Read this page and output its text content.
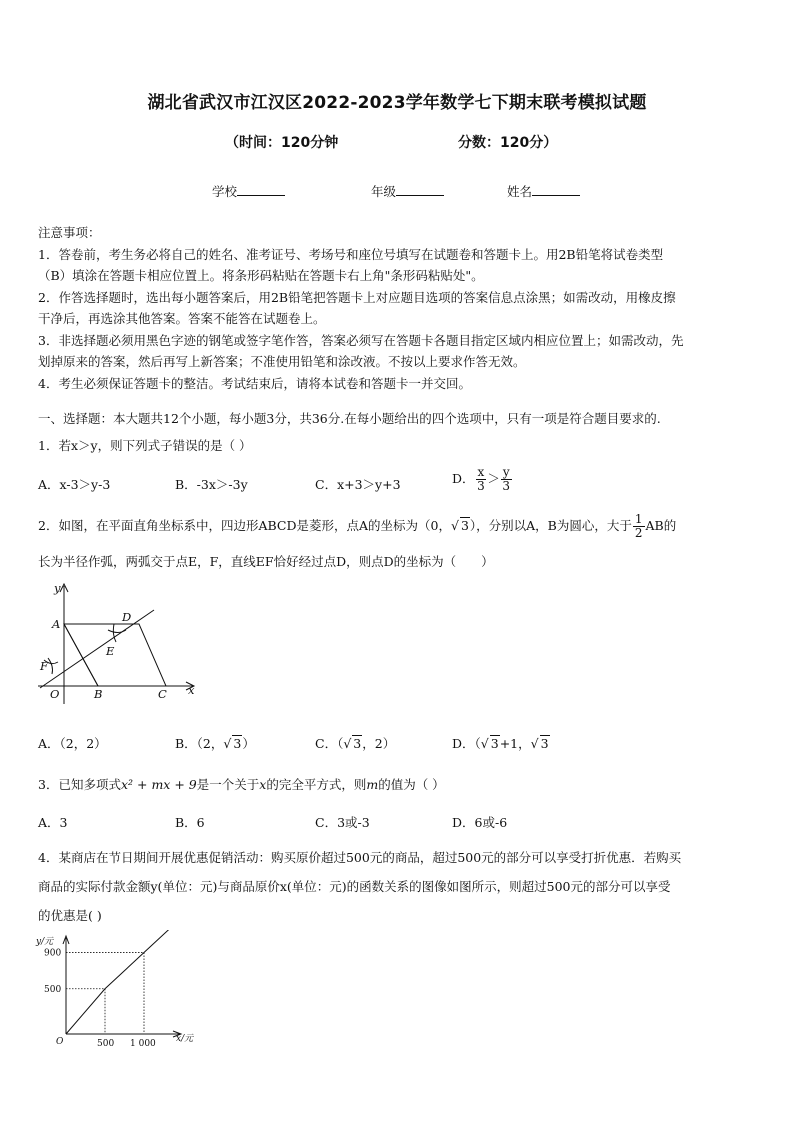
湖北省武汉市江汉区2022-2023学年数学七下期末联考模拟试题
（时间：120分钟	分数：120分）
学校	年级	姓名

注意事项：

1．答卷前，考生务必将自己的姓名、准考证号、考场号和座位号填写在试题卷和答题卡上。用2B铅笔将试卷类型

（B）填涂在答题卡相应位置上。将条形码粘贴在答题卡右上角"条形码粘贴处"。

2．作答选择题时，选出每小题答案后，用2B铅笔把答题卡上对应题目选项的答案信息点涂黑；如需改动，用橡皮擦

干净后，再选涂其他答案。答案不能答在试题卷上。

3．非选择题必须用黑色字迹的钢笔或签字笔作答，答案必须写在答题卡各题目指定区域内相应位置上；如需改动，先

划掉原来的答案，然后再写上新答案；不准使用铅笔和涂改液。不按以上要求作答无效。

4．考生必须保证答题卡的整洁。考试结束后，请将本试卷和答题卡一并交回。

一、选择题：本大题共12个小题，每小题3分，共36分.在每小题给出的四个选项中，只有一项是符合题目要求的.
1．若x＞y，则下列式子错误的是（ ）
A．x-3＞y-3	B．-3x＞-3y	C．x+3＞y+3	D． $\frac{x}{3} > \frac{y}{3}$
2．如图，在平面直角坐标系中，四边形ABCD是菱形，点A的坐标为（0，√ 3），分别以A，B为圆心，大于 $\frac{1}{2}$ AB的
长为半径作弧，两弧交于点E，F，直线EF恰好经过点D，则点D的坐标为（　　）
y
x
A	D
E
F
O	B	C
A．（2，2）	B．（2，√ 3）	C．（√ 3，2）	D．（√ 3+1，√ 3
3．已知多项式x² + mx + 9是一个关于x的完全平方式，则m的值为（ ）
A．3	B．6	C．3或-3	D．6或-6
4．某商店在节日期间开展优惠促销活动：购买原价超过500元的商品，超过500元的部分可以享受打折优惠．若购买
商品的实际付款金额y(单位：元)与商品原价x(单位：元)的函数关系的图像如图所示，则超过500元的部分可以享受
的优惠是( )
y/元
x/元
O
500
900
500 1 000
